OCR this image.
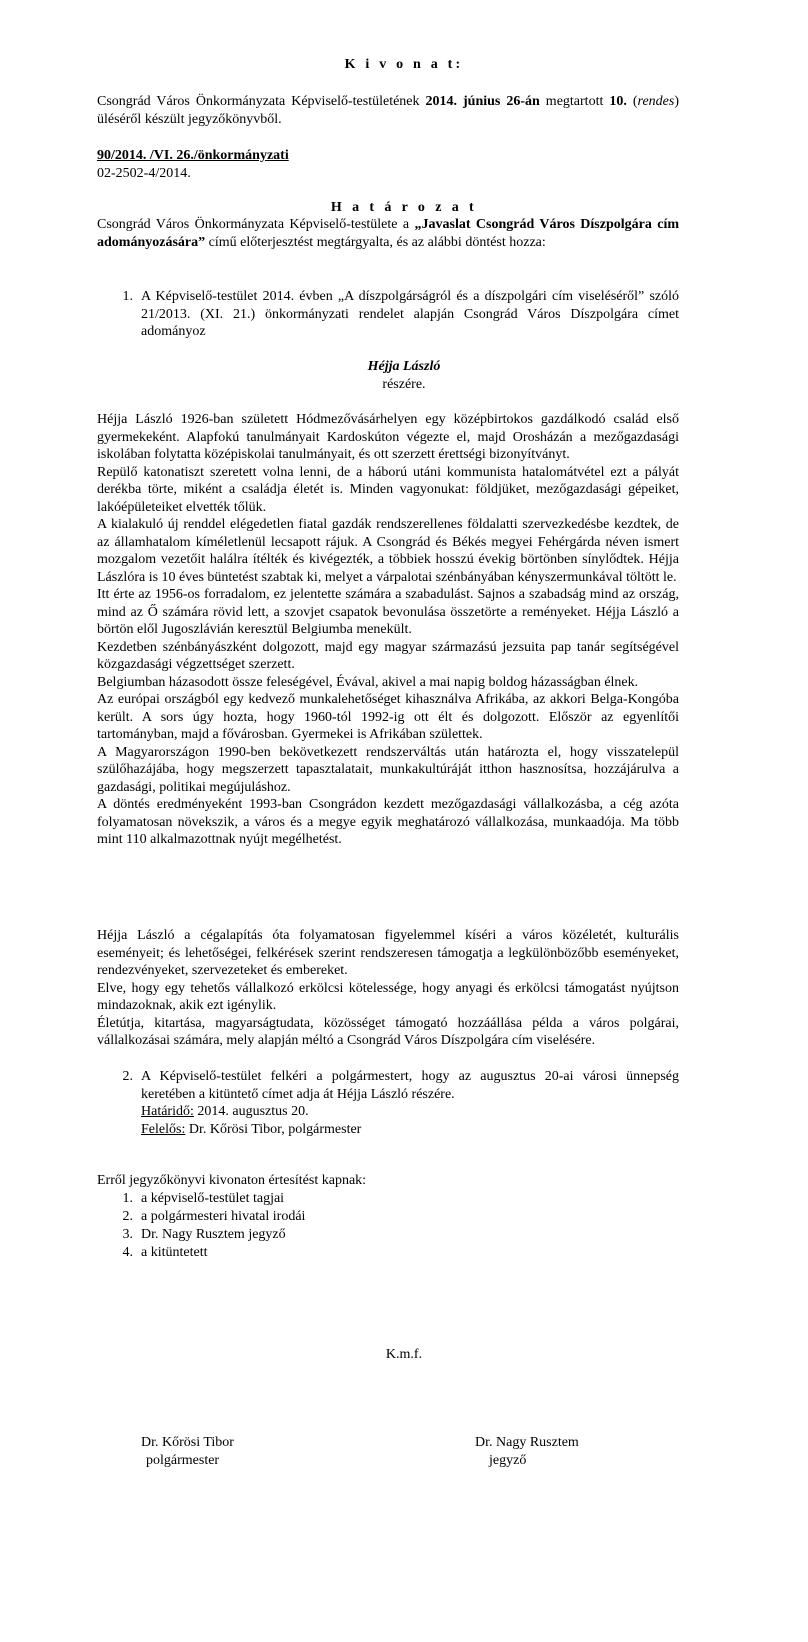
K i v o n a t:

Csongrád Város Önkormányzata Képviselő-testületének 2014. június 26-án megtartott 10. (rendes) üléséről készült jegyzőkönyvből.

90/2014. /VI. 26./önkormányzati
02-2502-4/2014.
H a t á r o z a t

Csongrád Város Önkormányzata Képviselő-testülete a „Javaslat Csongrád Város Díszpolgára cím adományozására” című előterjesztést megtárgyalta, és az alábbi döntést hozza:

1. A Képviselő-testület 2014. évben „A díszpolgárságról és a díszpolgári cím viseléséről” szóló 21/2013. (XI. 21.) önkormányzati rendelet alapján Csongrád Város Díszpolgára címet adományoz
Héjja László
részére.

Héjja László 1926-ban született Hódmezővásárhelyen egy középbirtokos gazdálkodó család első gyermekeként. Alapfokú tanulmányait Kardoskúton végezte el, majd Orosházán a mezőgazdasági iskolában folytatta középiskolai tanulmányait, és ott szerzett érettségi bizonyítványt.

Repülő katonatiszt szeretett volna lenni, de a háború utáni kommunista hatalomátvétel ezt a pályát derékba törte, miként a családja életét is. Minden vagyonukat: földjüket, mezőgazdasági gépeiket, lakóépületeiket elvették tőlük.

A kialakuló új renddel elégedetlen fiatal gazdák rendszerellenes földalatti szervezkedésbe kezdtek, de az államhatalom kíméletlenül lecsapott rájuk. A Csongrád és Békés megyei Fehérgárda néven ismert mozgalom vezetőit halálra ítélték és kivégezték, a többiek hosszú évekig börtönben sínylődtek. Héjja Lászlóra is 10 éves büntetést szabtak ki, melyet a várpalotai szénbányában kényszermunkával töltött le.

Itt érte az 1956-os forradalom, ez jelentette számára a szabadulást. Sajnos a szabadság mind az ország, mind az Ő számára rövid lett, a szovjet csapatok bevonulása összetörte a reményeket. Héjja László a börtön elől Jugoszlávián keresztül Belgiumba menekült.

Kezdetben szénbányászként dolgozott, majd egy magyar származású jezsuita pap tanár segítségével közgazdasági végzettséget szerzett.

Belgiumban házasodott össze feleségével, Évával, akivel a mai napig boldog házasságban élnek.

Az európai országból egy kedvező munkalehetőséget kihasználva Afrikába, az akkori Belga-Kongóba került. A sors úgy hozta, hogy 1960-tól 1992-ig ott élt és dolgozott. Először az egyenlítői tartományban, majd a fővárosban. Gyermekei is Afrikában születtek.

A Magyarországon 1990-ben bekövetkezett rendszerváltás után határozta el, hogy visszatelepül szülőhazájába, hogy megszerzett tapasztalatait, munkakultúráját itthon hasznosítsa, hozzájárulva a gazdasági, politikai megújuláshoz.

A döntés eredményeként 1993-ban Csongrádon kezdett mezőgazdasági vállalkozásba, a cég azóta folyamatosan növekszik, a város és a megye egyik meghatározó vállalkozása, munkaadója. Ma több mint 110 alkalmazottnak nyújt megélhetést.

Héjja László a cégalapítás óta folyamatosan figyelemmel kíséri a város közéletét, kulturális eseményeit; és lehetőségei, felkérések szerint rendszeresen támogatja a legkülönbözőbb eseményeket, rendezvényeket, szervezeteket és embereket.

Elve, hogy egy tehetős vállalkozó erkölcsi kötelessége, hogy anyagi és erkölcsi támogatást nyújtson mindazoknak, akik ezt igénylik.

Életútja, kitartása, magyarságtudata, közösséget támogató hozzáállása példa a város polgárai, vállalkozásai számára, mely alapján méltó a Csongrád Város Díszpolgára cím viselésére.

2. A Képviselő-testület felkéri a polgármestert, hogy az augusztus 20-ai városi ünnepség keretében a kitüntető címet adja át Héjja László részére.
Határidő: 2014. augusztus 20.
Felelős: Dr. Kőrösi Tibor, polgármester
Erről jegyzőkönyvi kivonaton értesítést kapnak:
1. a képviselő-testület tagjai
2. a polgármesteri hivatal irodái
3. Dr. Nagy Rusztem jegyző
4. a kitüntetett
K.m.f.
Dr. Kőrösi Tibor
polgármester
Dr. Nagy Rusztem
jegyző
